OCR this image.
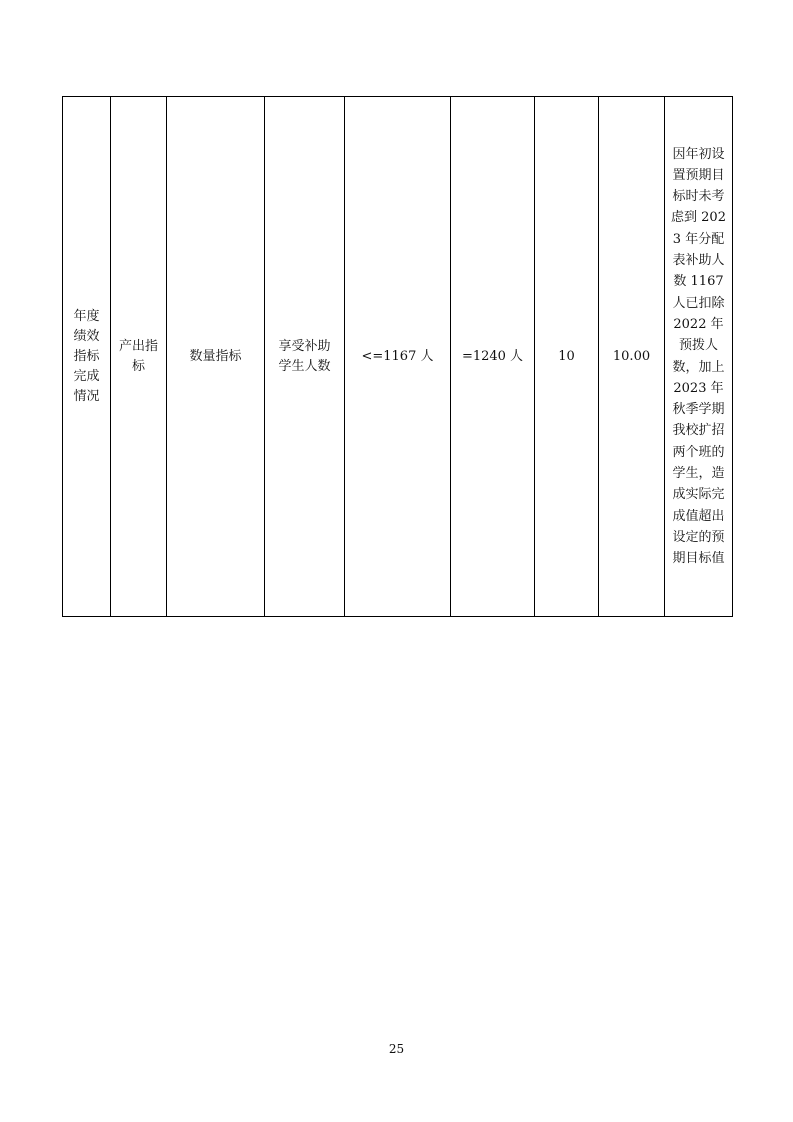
年度绩效指标完成情况	产出指标	数量指标	享受补助学生人数	<=1167 人	=1240 人	10	10.00	因年初设置预期目标时未考虑到 2023 年分配表补助人数 1167 人已扣除 2022 年预拨人数，加上 2023 年秋季学期我校扩招两个班的学生，造成实际完成值超出设定的预期目标值
25
